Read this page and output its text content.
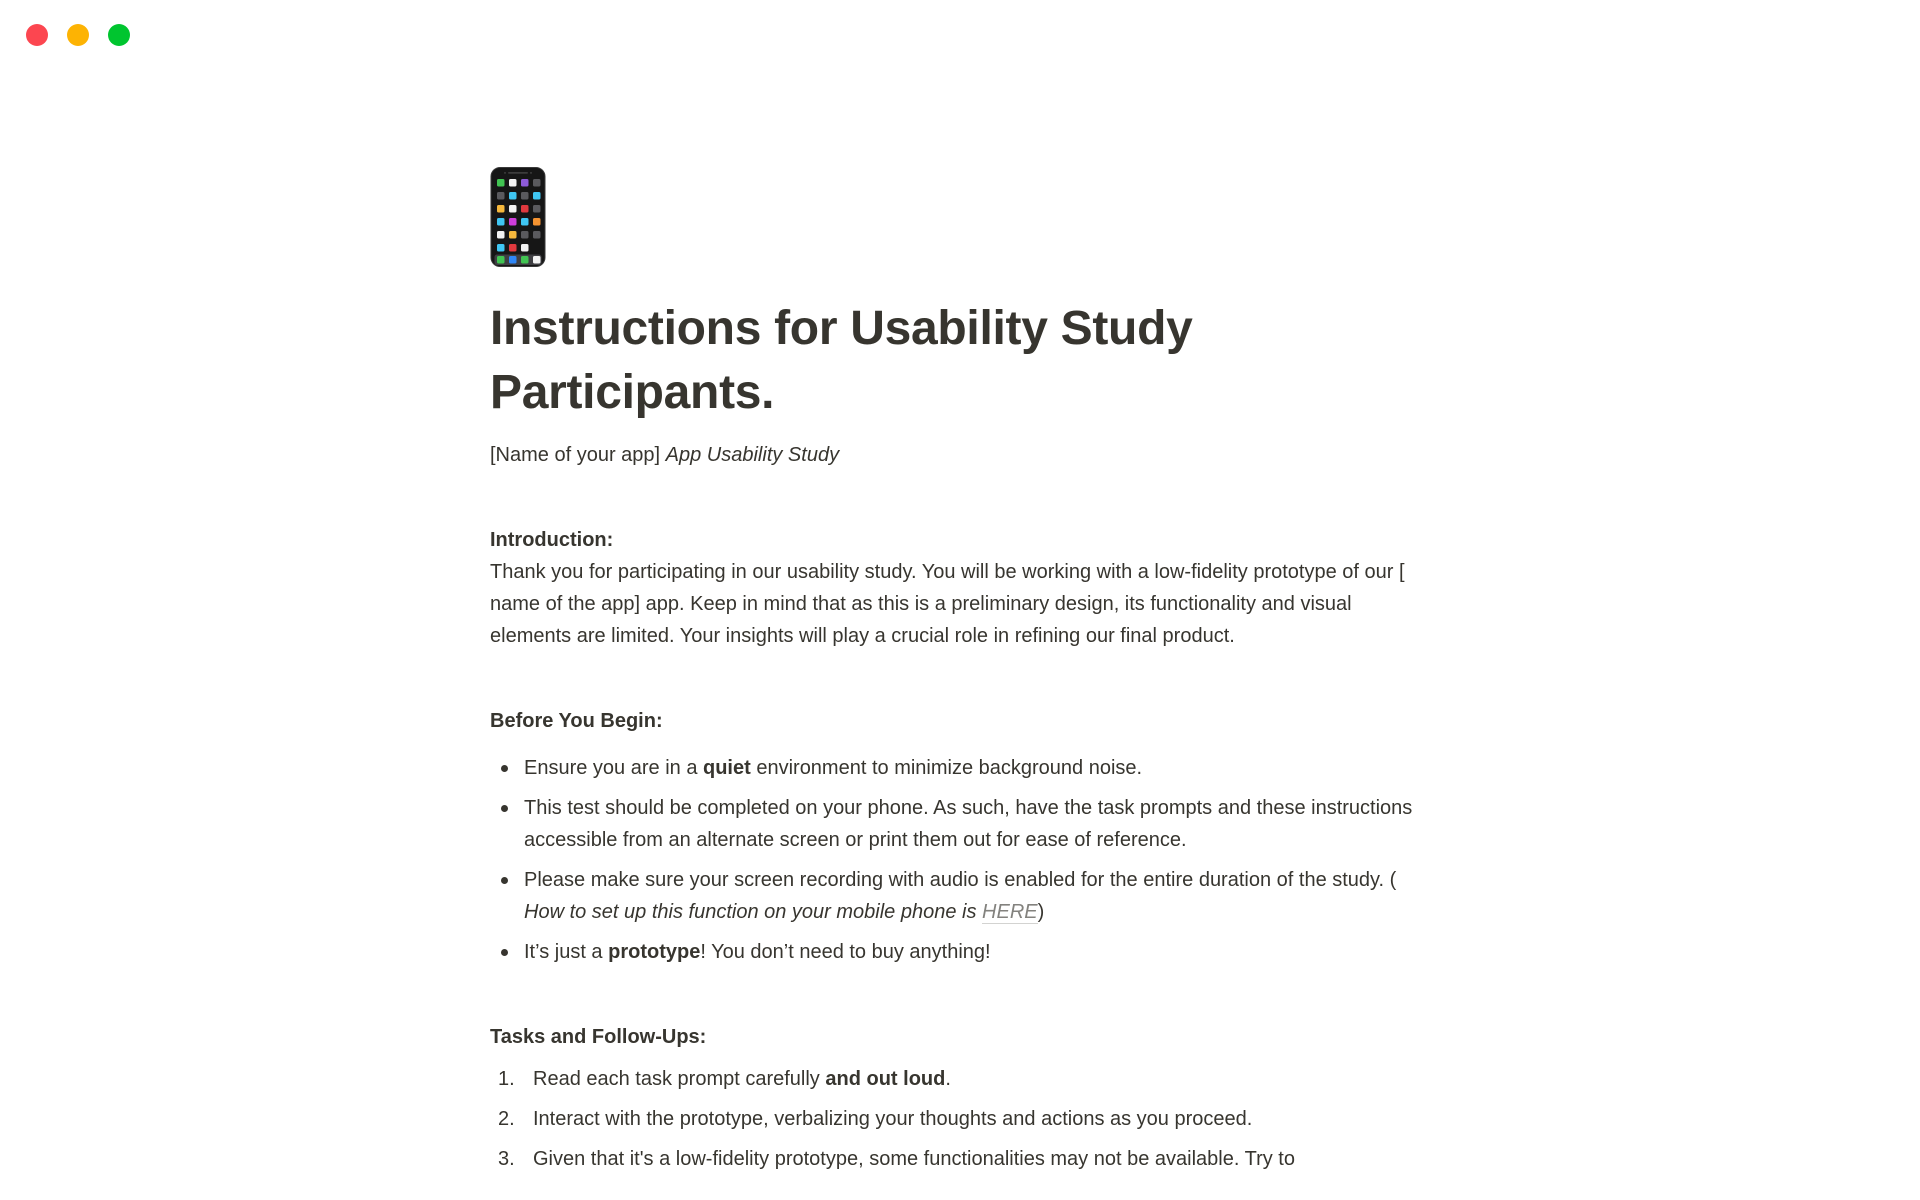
Instructions for Usability Study Participants.

[Name of your app] App Usability Study

Introduction:
Thank you for participating in our usability study. You will be working with a low-fidelity prototype of our [ name of the app] app. Keep in mind that as this is a preliminary design, its functionality and visual elements are limited. Your insights will play a crucial role in refining our final product.
Before You Begin:
Ensure you are in a quiet environment to minimize background noise.
This test should be completed on your phone. As such, have the task prompts and these instructions accessible from an alternate screen or print them out for ease of reference.
Please make sure your screen recording with audio is enabled for the entire duration of the study. ( How to set up this function on your mobile phone is HERE)
It’s just a prototype! You don’t need to buy anything!
Tasks and Follow-Ups:
1. Read each task prompt carefully and out loud.
2. Interact with the prototype, verbalizing your thoughts and actions as you proceed.
3. Given that it's a low-fidelity prototype, some functionalities may not be available. Try to
